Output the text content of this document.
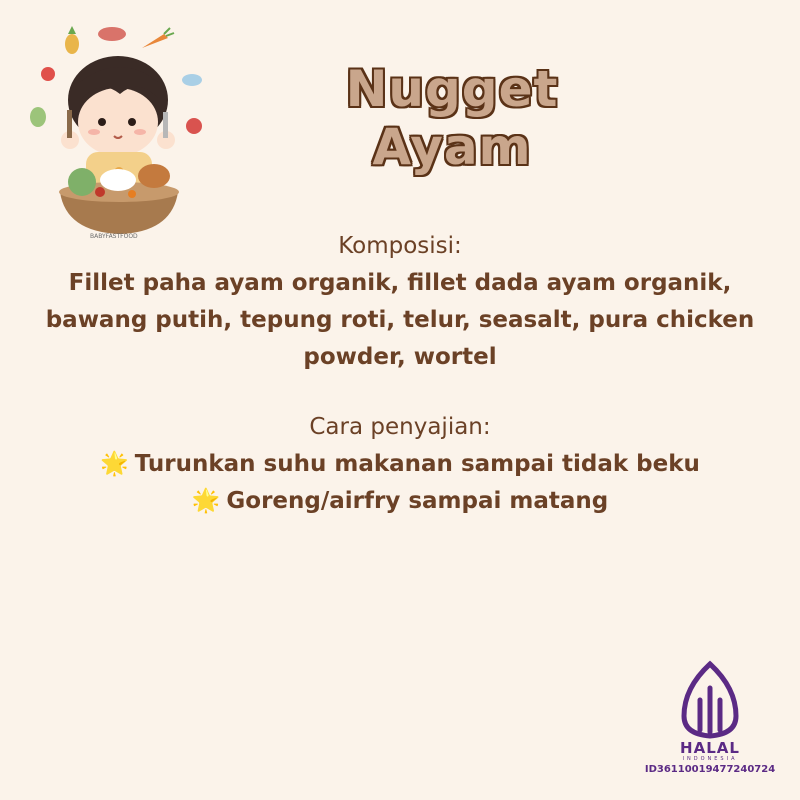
BABYFASTFOOD
Nugget Ayam
Komposisi:
Fillet paha ayam organik, fillet dada ayam organik,
bawang putih, tepung roti, telur, seasalt, pura chicken
powder, wortel
Cara penyajian:
🌟 Turunkan suhu makanan sampai tidak beku
🌟 Goreng/airfry sampai matang
HALAL
INDONESIA
ID36110019477240724
